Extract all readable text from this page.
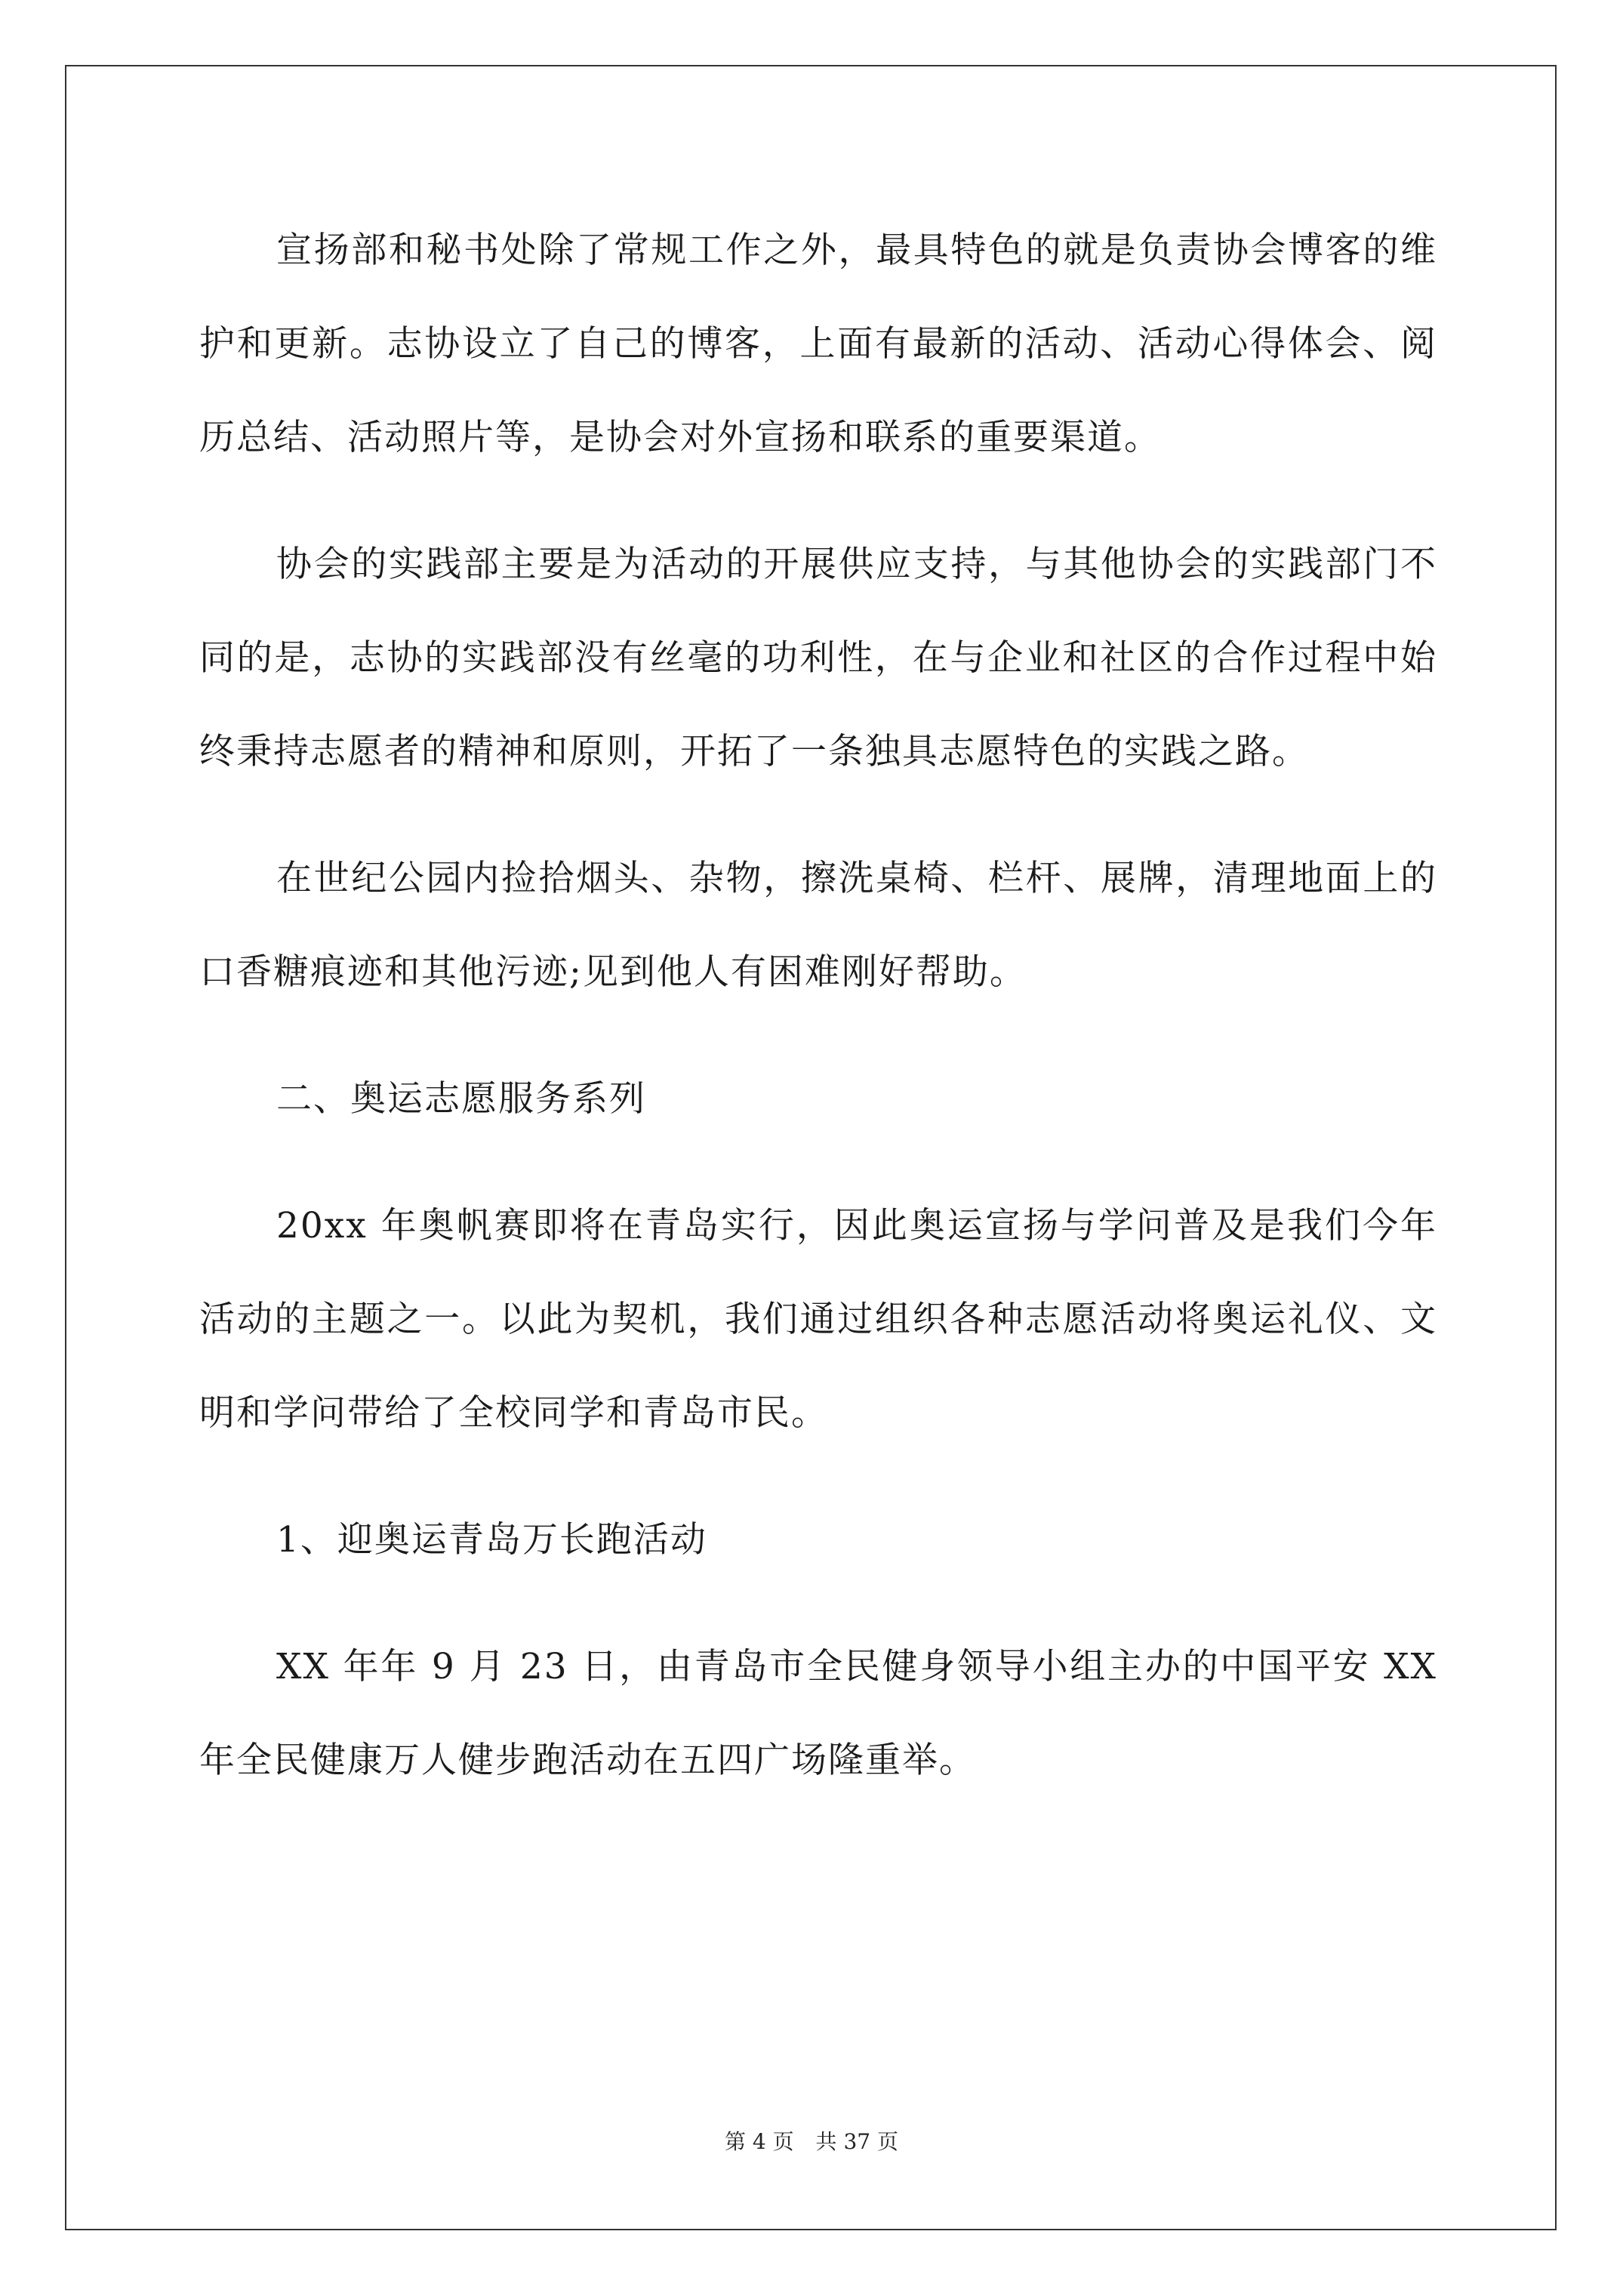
宣扬部和秘书处除了常规工作之外，最具特色的就是负责协会博客的维护和更新。志协设立了自己的博客，上面有最新的活动、活动心得体会、阅历总结、活动照片等，是协会对外宣扬和联系的重要渠道。

协会的实践部主要是为活动的开展供应支持，与其他协会的实践部门不同的是，志协的实践部没有丝毫的功利性，在与企业和社区的合作过程中始终秉持志愿者的精神和原则，开拓了一条独具志愿特色的实践之路。

在世纪公园内捡拾烟头、杂物，擦洗桌椅、栏杆、展牌，清理地面上的口香糖痕迹和其他污迹;见到他人有困难刚好帮助。

二、奥运志愿服务系列

20xx 年奥帆赛即将在青岛实行，因此奥运宣扬与学问普及是我们今年活动的主题之一。以此为契机，我们通过组织各种志愿活动将奥运礼仪、文明和学问带给了全校同学和青岛市民。

1、迎奥运青岛万长跑活动

XX 年年 9 月 23 日，由青岛市全民健身领导小组主办的中国平安 XX 年全民健康万人健步跑活动在五四广场隆重举。

第 4 页 共 37 页
